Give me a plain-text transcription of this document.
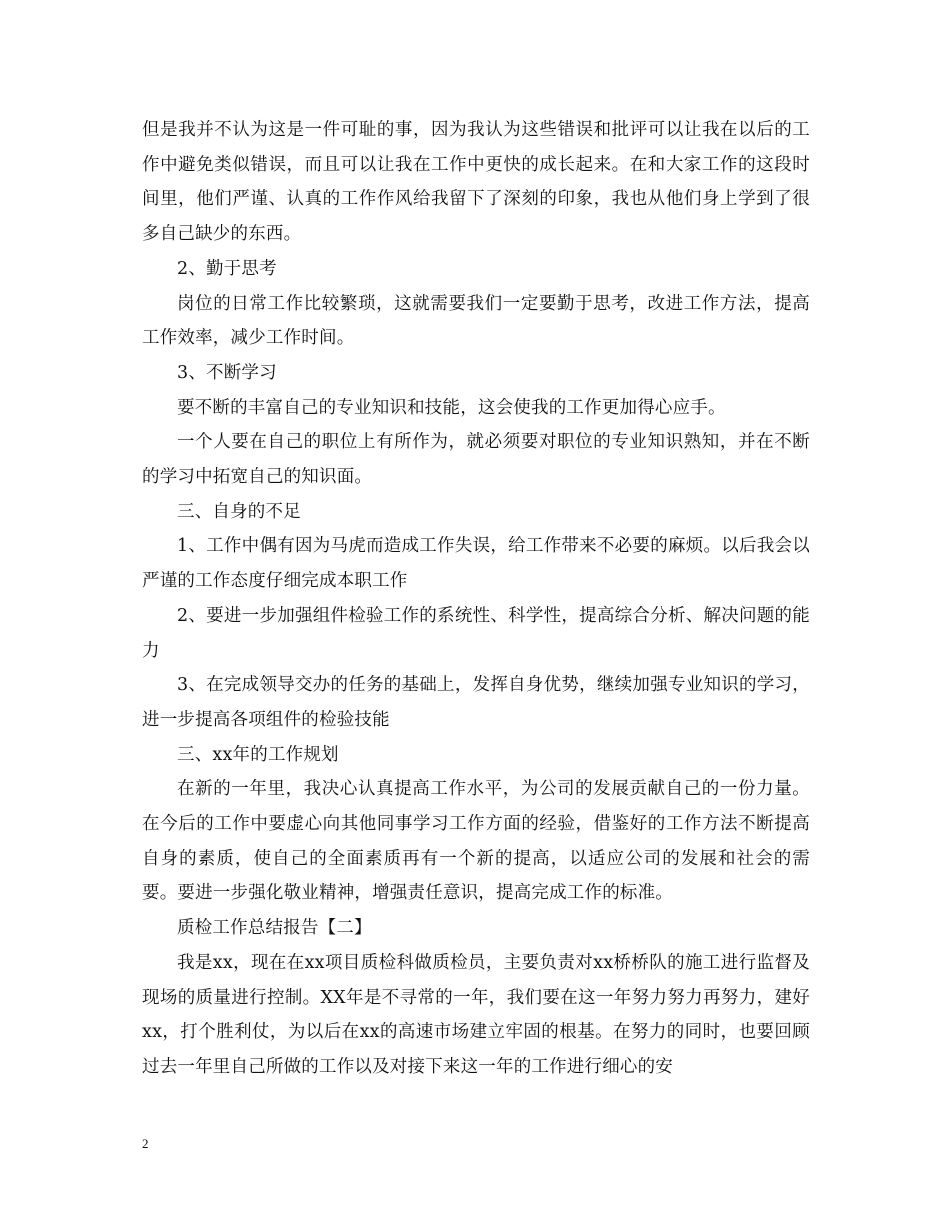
但是我并不认为这是一件可耻的事，因为我认为这些错误和批评可以让我在以后的工作中避免类似错误，而且可以让我在工作中更快的成长起来。在和大家工作的这段时间里，他们严谨、认真的工作作风给我留下了深刻的印象，我也从他们身上学到了很多自己缺少的东西。

2、勤于思考

岗位的日常工作比较繁琐，这就需要我们一定要勤于思考，改进工作方法，提高工作效率，减少工作时间。

3、不断学习

要不断的丰富自己的专业知识和技能，这会使我的工作更加得心应手。

一个人要在自己的职位上有所作为，就必须要对职位的专业知识熟知，并在不断的学习中拓宽自己的知识面。

三、自身的不足

1、工作中偶有因为马虎而造成工作失误，给工作带来不必要的麻烦。以后我会以严谨的工作态度仔细完成本职工作

2、要进一步加强组件检验工作的系统性、科学性，提高综合分析、解决问题的能力

3、在完成领导交办的任务的基础上，发挥自身优势，继续加强专业知识的学习，进一步提高各项组件的检验技能

三、xx年的工作规划

在新的一年里，我决心认真提高工作水平，为公司的发展贡献自己的一份力量。在今后的工作中要虚心向其他同事学习工作方面的经验，借鉴好的工作方法不断提高自身的素质，使自己的全面素质再有一个新的提高，以适应公司的发展和社会的需要。要进一步强化敬业精神，增强责任意识，提高完成工作的标准。

质检工作总结报告【二】

我是xx，现在在xx项目质检科做质检员，主要负责对xx桥桥队的施工进行监督及现场的质量进行控制。XX年是不寻常的一年，我们要在这一年努力努力再努力，建好xx，打个胜利仗，为以后在xx的高速市场建立牢固的根基。在努力的同时，也要回顾过去一年里自己所做的工作以及对接下来这一年的工作进行细心的安

2
